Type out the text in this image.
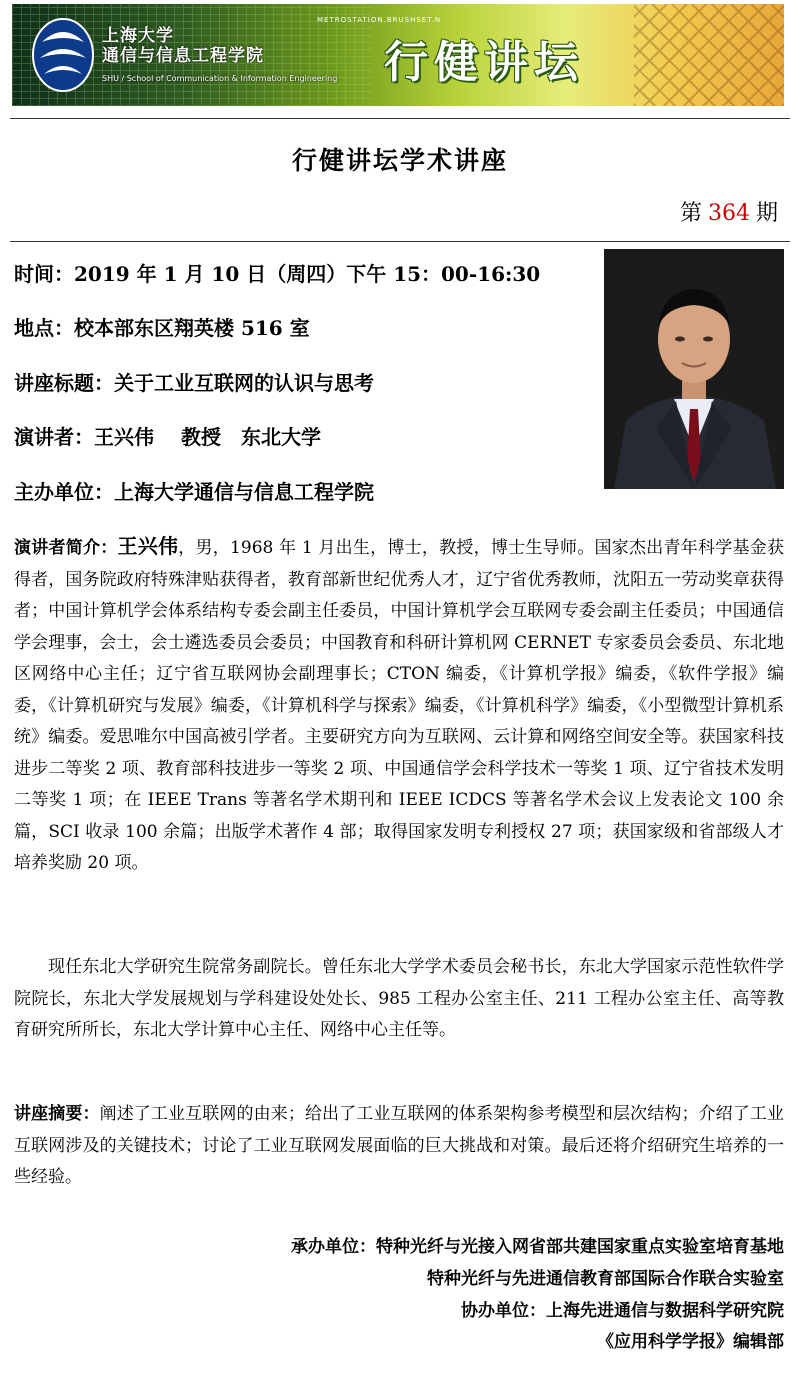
上海大学
通信与信息工程学院
SHU / School of Communication & Information Engineering
METROSTATION.BRUSHSET.N
行健讲坛
行健讲坛学术讲座
第 364 期
时间：2019 年 1 月 10 日（周四）下午 15：00-16:30
地点：校本部东区翔英楼 516 室
讲座标题：关于工业互联网的认识与思考
演讲者：王兴伟　 教授　东北大学
主办单位：上海大学通信与信息工程学院
演讲者简介：王兴伟，男，1968 年 1 月出生，博士，教授，博士生导师。国家杰出青年科学基金获得者，国务院政府特殊津贴获得者，教育部新世纪优秀人才，辽宁省优秀教师，沈阳五一劳动奖章获得者；中国计算机学会体系结构专委会副主任委员，中国计算机学会互联网专委会副主任委员；中国通信学会理事，会士，会士遴选委员会委员；中国教育和科研计算机网 CERNET 专家委员会委员、东北地区网络中心主任；辽宁省互联网协会副理事长；CTON 编委，《计算机学报》编委，《软件学报》编委，《计算机研究与发展》编委，《计算机科学与探索》编委，《计算机科学》编委，《小型微型计算机系统》编委。爱思唯尔中国高被引学者。主要研究方向为互联网、云计算和网络空间安全等。获国家科技进步二等奖 2 项、教育部科技进步一等奖 2 项、中国通信学会科学技术一等奖 1 项、辽宁省技术发明二等奖 1 项；在 IEEE Trans 等著名学术期刊和 IEEE ICDCS 等著名学术会议上发表论文 100 余篇，SCI 收录 100 余篇；出版学术著作 4 部；取得国家发明专利授权 27 项；获国家级和省部级人才培养奖励 20 项。
现任东北大学研究生院常务副院长。曾任东北大学学术委员会秘书长，东北大学国家示范性软件学院院长，东北大学发展规划与学科建设处处长、985 工程办公室主任、211 工程办公室主任、高等教育研究所所长，东北大学计算中心主任、网络中心主任等。
讲座摘要：阐述了工业互联网的由来；给出了工业互联网的体系架构参考模型和层次结构；介绍了工业互联网涉及的关键技术；讨论了工业互联网发展面临的巨大挑战和对策。最后还将介绍研究生培养的一些经验。
承办单位：特种光纤与光接入网省部共建国家重点实验室培育基地
特种光纤与先进通信教育部国际合作联合实验室
协办单位：上海先进通信与数据科学研究院
《应用科学学报》编辑部
